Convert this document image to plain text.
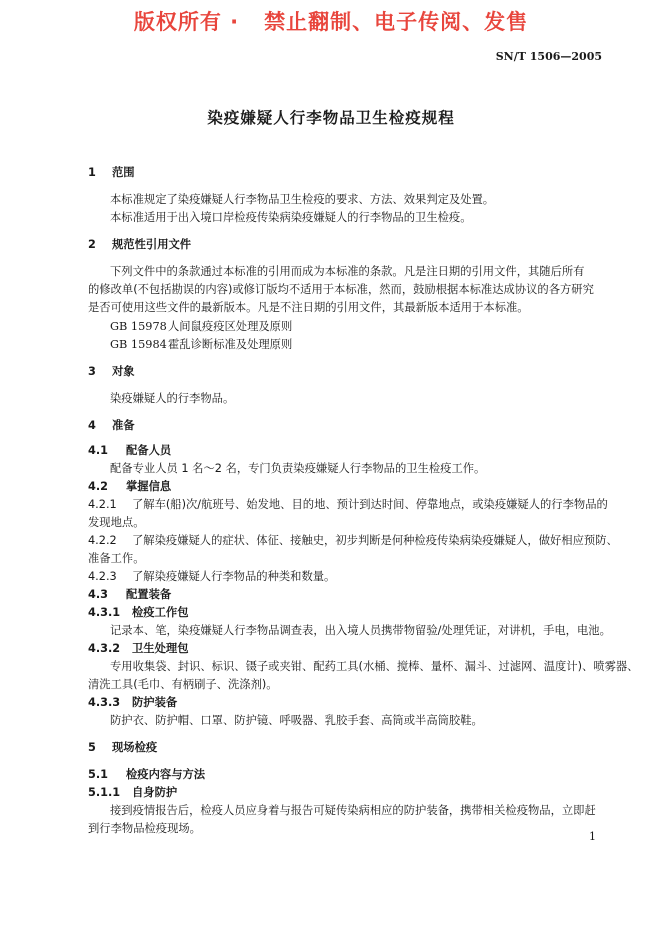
版权所有 ·   禁止翻制、电子传阅、发售
SN/T 1506—2005
染疫嫌疑人行李物品卫生检疫规程
1 范围
本标准规定了染疫嫌疑人行李物品卫生检疫的要求、方法、效果判定及处置。
本标准适用于出入境口岸检疫传染病染疫嫌疑人的行李物品的卫生检疫。
2 规范性引用文件
下列文件中的条款通过本标准的引用而成为本标准的条款。凡是注日期的引用文件，其随后所有
的修改单(不包括勘误的内容)或修订版均不适用于本标准，然而，鼓励根据本标准达成协议的各方研究
是否可使用这些文件的最新版本。凡是不注日期的引用文件，其最新版本适用于本标准。
GB 15978人间鼠疫疫区处理及原则
GB 15984霍乱诊断标准及处理原则
3 对象
染疫嫌疑人的行李物品。
4 准备
4.1 配备人员
配备专业人员 1 名～2 名，专门负责染疫嫌疑人行李物品的卫生检疫工作。
4.2 掌握信息
4.2.1 了解车(船)次/航班号、始发地、目的地、预计到达时间、停靠地点，或染疫嫌疑人的行李物品的
发现地点。
4.2.2 了解染疫嫌疑人的症状、体征、接触史，初步判断是何种检疫传染病染疫嫌疑人，做好相应预防、
准备工作。
4.2.3 了解染疫嫌疑人行李物品的种类和数量。
4.3 配置装备
4.3.1 检疫工作包
记录本、笔，染疫嫌疑人行李物品调查表，出入境人员携带物留验/处理凭证，对讲机，手电，电池。
4.3.2 卫生处理包
专用收集袋、封识、标识、镊子或夹钳、配药工具(水桶、搅棒、量杯、漏斗、过滤网、温度计)、喷雾器、
清洗工具(毛巾、有柄刷子、洗涤剂)。
4.3.3 防护装备
防护衣、防护帽、口罩、防护镜、呼吸器、乳胶手套、高筒或半高筒胶鞋。
5 现场检疫
5.1 检疫内容与方法
5.1.1 自身防护
接到疫情报告后，检疫人员应身着与报告可疑传染病相应的防护装备，携带相关检疫物品，立即赶
到行李物品检疫现场。
1
